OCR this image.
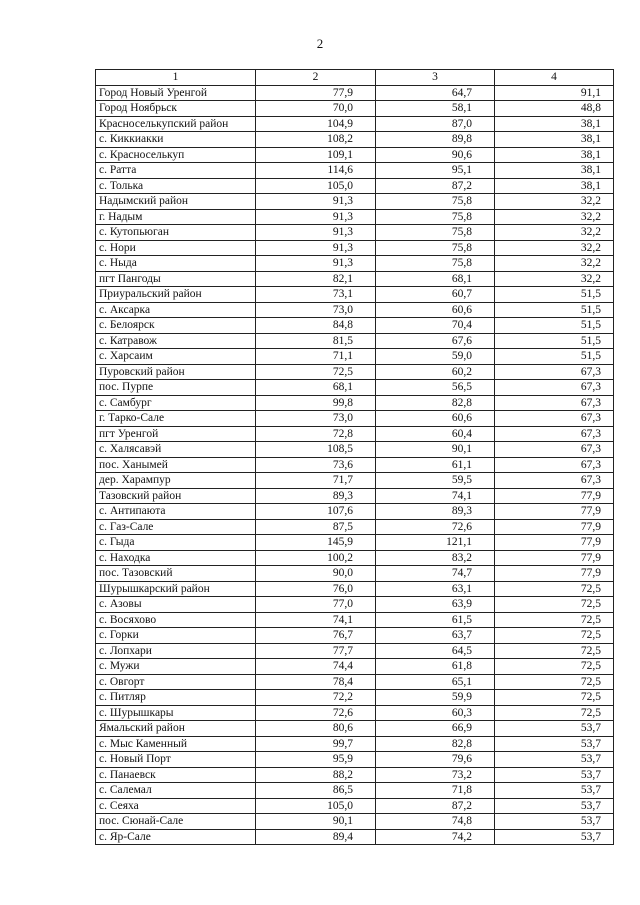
2
1	2	3	4
Город Новый Уренгой	77,9	64,7	91,1
Город Ноябрьск	70,0	58,1	48,8
Красноселькупский район	104,9	87,0	38,1
с. Киккиакки	108,2	89,8	38,1
с. Красноселькуп	109,1	90,6	38,1
с. Ратта	114,6	95,1	38,1
с. Толька	105,0	87,2	38,1
Надымский район	91,3	75,8	32,2
г. Надым	91,3	75,8	32,2
с. Кутопьюган	91,3	75,8	32,2
с. Нори	91,3	75,8	32,2
с. Ныда	91,3	75,8	32,2
пгт Пангоды	82,1	68,1	32,2
Приуральский район	73,1	60,7	51,5
с. Аксарка	73,0	60,6	51,5
с. Белоярск	84,8	70,4	51,5
с. Катравож	81,5	67,6	51,5
с. Харсаим	71,1	59,0	51,5
Пуровский район	72,5	60,2	67,3
пос. Пурпе	68,1	56,5	67,3
с. Самбург	99,8	82,8	67,3
г. Тарко-Сале	73,0	60,6	67,3
пгт Уренгой	72,8	60,4	67,3
с. Халясавэй	108,5	90,1	67,3
пос. Ханымей	73,6	61,1	67,3
дер. Харампур	71,7	59,5	67,3
Тазовский район	89,3	74,1	77,9
с. Антипаюта	107,6	89,3	77,9
с. Газ-Сале	87,5	72,6	77,9
с. Гыда	145,9	121,1	77,9
с. Находка	100,2	83,2	77,9
пос. Тазовский	90,0	74,7	77,9
Шурышкарский район	76,0	63,1	72,5
с. Азовы	77,0	63,9	72,5
с. Восяхово	74,1	61,5	72,5
с. Горки	76,7	63,7	72,5
с. Лопхари	77,7	64,5	72,5
с. Мужи	74,4	61,8	72,5
с. Овгорт	78,4	65,1	72,5
с. Питляр	72,2	59,9	72,5
с. Шурышкары	72,6	60,3	72,5
Ямальский район	80,6	66,9	53,7
с. Мыс Каменный	99,7	82,8	53,7
с. Новый Порт	95,9	79,6	53,7
с. Панаевск	88,2	73,2	53,7
с. Салемал	86,5	71,8	53,7
с. Сеяха	105,0	87,2	53,7
пос. Сюнай-Сале	90,1	74,8	53,7
с. Яр-Сале	89,4	74,2	53,7
